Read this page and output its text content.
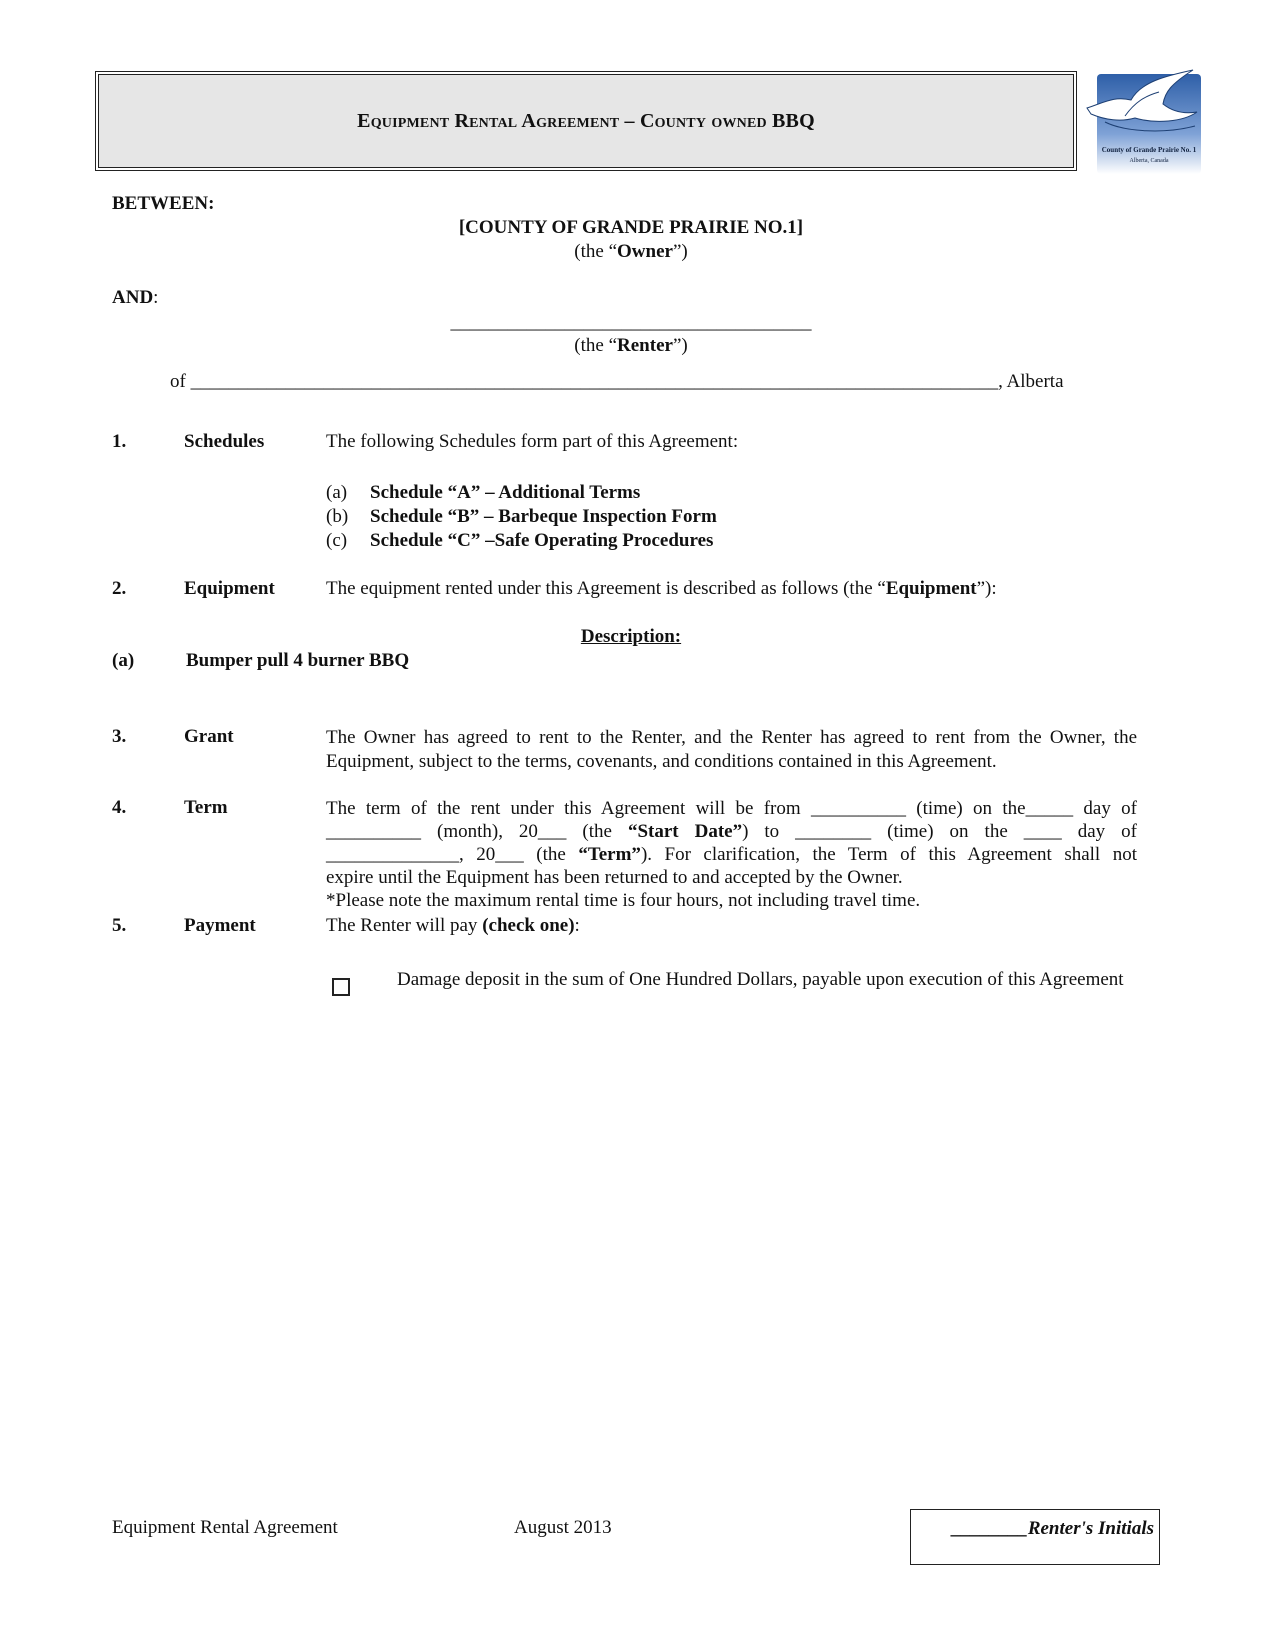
Equipment Rental Agreement – County owned BBQ
County of Grande Prairie No. 1
Alberta, Canada
BETWEEN:
[COUNTY OF GRANDE PRAIRIE NO.1]
(the “Owner”)
AND:
______________________________________
(the “Renter”)
of _____________________________________________________________________________________, Alberta
1.	Schedules	The following Schedules form part of this Agreement:
(a) Schedule “A” – Additional Terms
(b) Schedule “B” – Barbeque Inspection Form
(c) Schedule “C” –Safe Operating Procedures
2.	Equipment	The equipment rented under this Agreement is described as follows (the “Equipment”):
Description:
(a)	Bumper pull 4 burner BBQ
3.	Grant	The Owner has agreed to rent to the Renter, and the Renter has agreed to rent from the Owner, the Equipment, subject to the terms, covenants, and conditions contained in this Agreement.
4.	Term	The term of the rent under this Agreement will be from __________ (time) on the_____ day of
__________ (month), 20___ (the “Start Date”) to ________ (time) on the ____ day of
______________, 20___ (the “Term”). For clarification, the Term of this Agreement shall not
expire until the Equipment has been returned to and accepted by the Owner.
*Please note the maximum rental time is four hours, not including travel time.
5.	Payment	The Renter will pay (check one):
Damage deposit in the sum of One Hundred Dollars, payable upon execution of this Agreement
Equipment Rental Agreement	August 2013	________Renter's Initials
